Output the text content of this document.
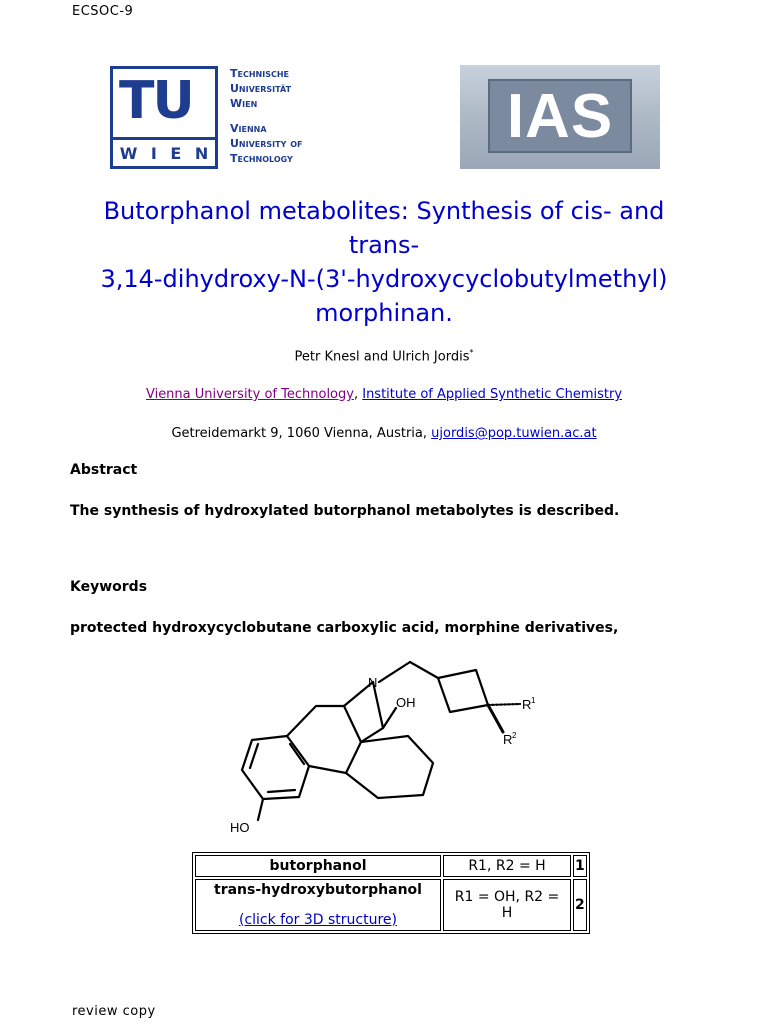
ECSOC-9
TU
W I E N
Technische
Universität
Wien
Vienna
University of
Technology
IAS
Butorphanol metabolites: Synthesis of cis- and
trans-
3,14-dihydroxy-N-(3'-hydroxycyclobutylmethyl)
morphinan.
Petr Knesl and Ulrich Jordis*
Vienna University of Technology, Institute of Applied Synthetic Chemistry
Getreidemarkt 9, 1060 Vienna, Austria, ujordis@pop.tuwien.ac.at
Abstract
The synthesis of hydroxylated butorphanol metabolytes is described.
Keywords
protected hydroxycyclobutane carboxylic acid, morphine derivatives,
N
OH	R 1
R 2
HO
butorphanol	R1, R2 = H	1

trans-hydroxybutorphanol
(click for 3D structure)	R1 = OH, R2 = H	2
review copy
